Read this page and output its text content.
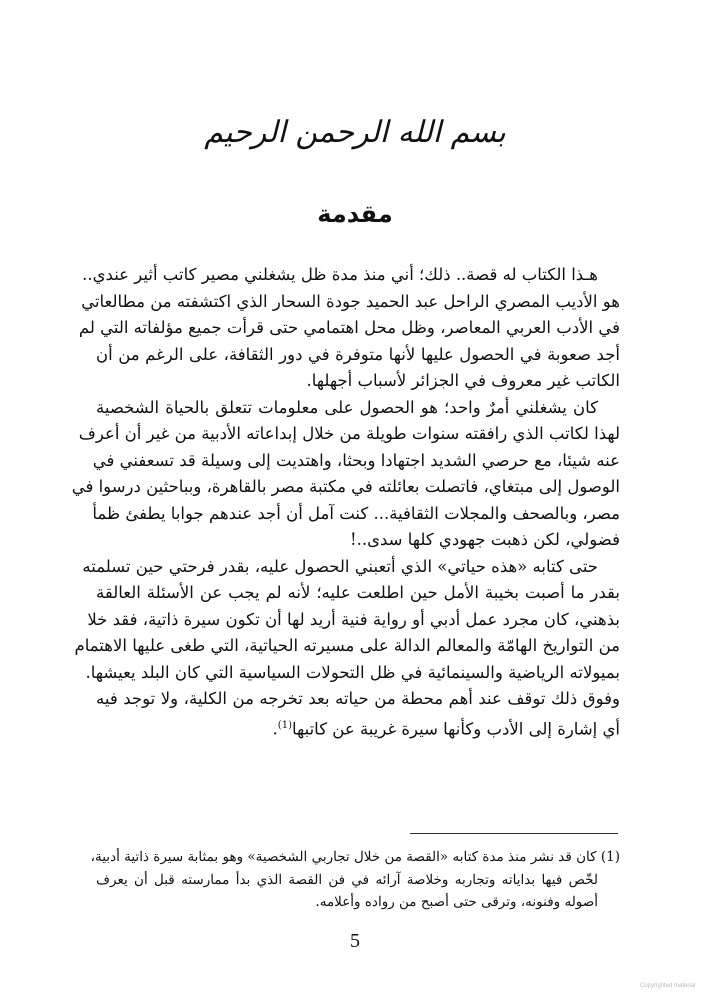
بسم الله الرحمن الرحيم
مقدمة

هـذا الكتاب له قصة.. ذلك؛ أني منذ مدة ظل يشغلني مصير كاتب أثير عندي..
هو الأديب المصري الراحل عبد الحميد جودة السحار الذي اكتشفته من مطالعاتي
في الأدب العربي المعاصر، وظل محل اهتمامي حتى قرأت جميع مؤلفاته التي لم
أجد صعوبة في الحصول عليها لأنها متوفرة في دور الثقافة، على الرغم من أن
الكاتب غير معروف في الجزائر لأسباب أجهلها.

كان يشغلني أمرٌ واحد؛ هو الحصول على معلومات تتعلق بالحياة الشخصية
لهذا لكاتب الذي رافقته سنوات طويلة من خلال إبداعاته الأدبية من غير أن أعرف
عنه شيئا، مع حرصي الشديد اجتهادا وبحثا، واهتديت إلى وسيلة قد تسعفني في
الوصول إلى مبتغاي، فاتصلت بعائلته في مكتبة مصر بالقاهرة، وبباحثين درسوا في
مصر، وبالصحف والمجلات الثقافية... كنت آمل أن أجد عندهم جوابا يطفئ ظمأ
فضولي، لكن ذهبت جهودي كلها سدى..!

حتى كتابه «هذه حياتي» الذي أتعبني الحصول عليه، بقدر فرحتي حين تسلمته
بقدر ما أصبت بخيبة الأمل حين اطلعت عليه؛ لأنه لم يجب عن الأسئلة العالقة
بذهني، كان مجرد عمل أدبي أو رواية فنية أريد لها أن تكون سيرة ذاتية، فقد خلا
من التواريخ الهامّة والمعالم الدالة على مسيرته الحياتية، التي طغى عليها الاهتمام
بميولاته الرياضية والسينمائية في ظل التحولات السياسية التي كان البلد يعيشها.
وفوق ذلك توقف عند أهم محطة من حياته بعد تخرجه من الكلية، ولا توجد فيه
أي إشارة إلى الأدب وكأنها سيرة غريبة عن كاتبها$^{(1)}$.

(1) كان قد نشر منذ مدة كتابه «القصة من خلال تجاربي الشخصية» وهو بمثابة سيرة ذاتية أدبية،
لخّص فيها بداياته وتجاربه وخلاصة آرائه في فن القصة الذي بدأ ممارسته قبل أن يعرف
أصوله وفنونه، وترقى حتى أصبح من رواده وأعلامه.
5
Copyrighted material
